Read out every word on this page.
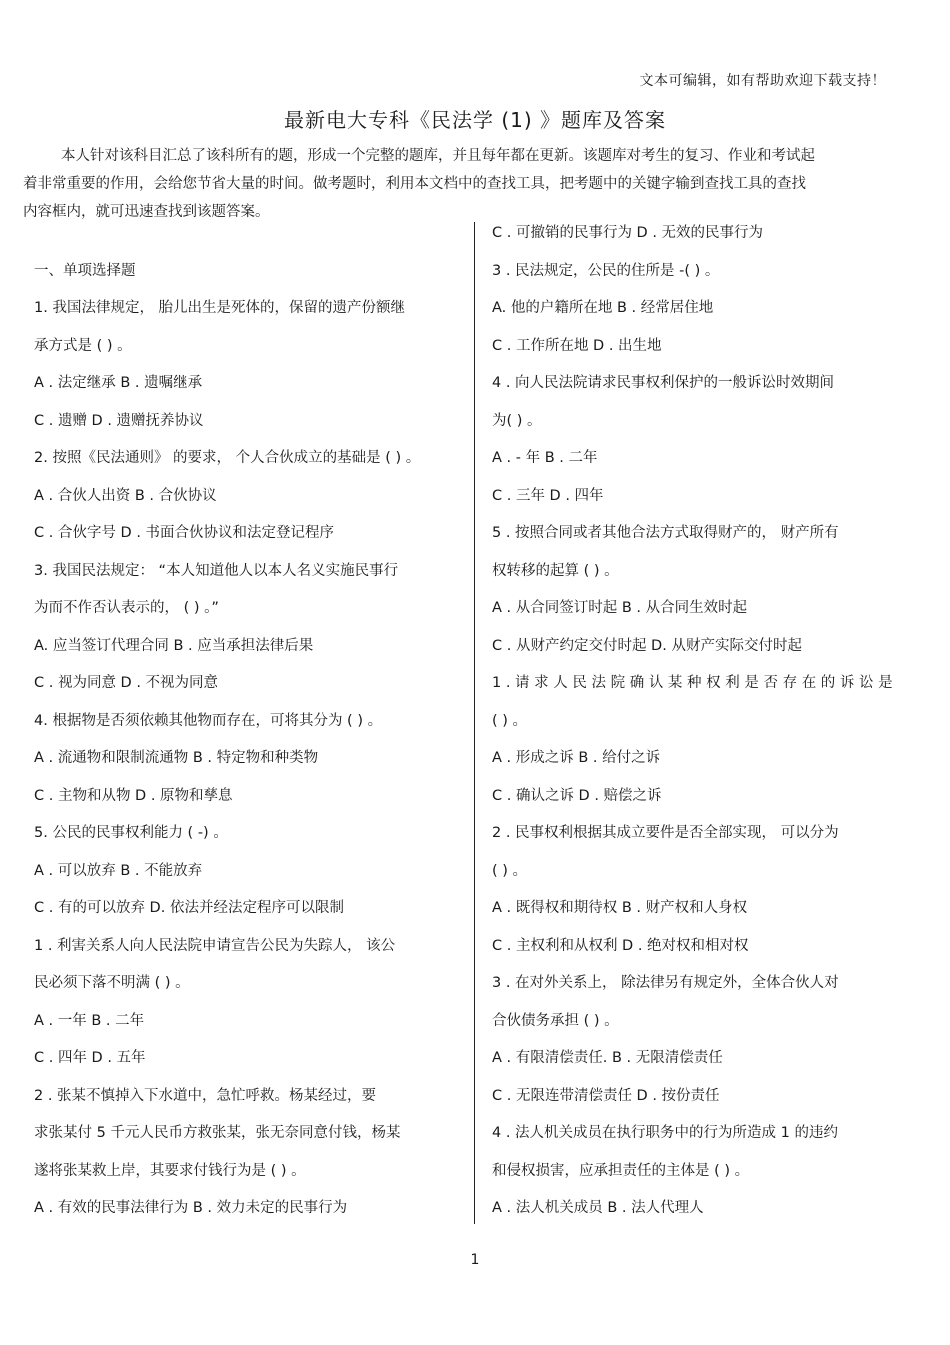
文本可编辑，如有帮助欢迎下载支持！
最新电大专科《民法学 (1) 》题库及答案

本人针对该科目汇总了该科所有的题，形成一个完整的题库，并且每年都在更新。该题库对考生的复习、作业和考试起

着非常重要的作用，会给您节省大量的时间。做考题时，利用本文档中的查找工具，把考题中的关键字输到查找工具的查找

内容框内，就可迅速查找到该题答案。

一、单项选择题
1. 我国法律规定， 胎儿出生是死体的，保留的遗产份额继
承方式是 ( ) 。
A . 法定继承 B . 遗嘱继承
C . 遗赠 D . 遗赠抚养协议
2. 按照《民法通则》 的要求， 个人合伙成立的基础是 ( ) 。
A . 合伙人出资 B . 合伙协议
C . 合伙字号 D . 书面合伙协议和法定登记程序
3. 我国民法规定： “本人知道他人以本人名义实施民事行
为而不作否认表示的， ( ) 。”
A. 应当签订代理合同 B . 应当承担法律后果
C . 视为同意 D . 不视为同意
4. 根据物是否须依赖其他物而存在，可将其分为 ( ) 。
A . 流通物和限制流通物 B . 特定物和种类物
C . 主物和从物 D . 原物和孳息
5. 公民的民事权利能力 ( -) 。
A . 可以放弃 B . 不能放弃
C . 有的可以放弃 D. 依法并经法定程序可以限制
1 . 利害关系人向人民法院申请宣告公民为失踪人， 该公
民必须下落不明满 ( ) 。
A . 一年 B . 二年
C . 四年 D . 五年
2 . 张某不慎掉入下水道中，急忙呼救。杨某经过，要
求张某付 5 千元人民币方救张某，张无奈同意付钱，杨某
遂将张某救上岸，其要求付钱行为是 ( ) 。
A . 有效的民事法律行为 B . 效力未定的民事行为
C . 可撤销的民事行为 D . 无效的民事行为
3 . 民法规定，公民的住所是 -( ) 。
A. 他的户籍所在地 B . 经常居住地
C . 工作所在地 D . 出生地
4 . 向人民法院请求民事权利保护的一般诉讼时效期间
为( ) 。
A . - 年 B . 二年
C . 三年 D . 四年
5 . 按照合同或者其他合法方式取得财产的， 财产所有
权转移的起算 ( ) 。
A . 从合同签订时起 B . 从合同生效时起
C . 从财产约定交付时起 D. 从财产实际交付时起
1 . 请 求 人 民 法 院 确 认 某 种 权 利 是 否 存 在 的 诉 讼 是
( ) 。
A . 形成之诉 B . 给付之诉
C . 确认之诉 D . 赔偿之诉
2 . 民事权利根据其成立要件是否全部实现， 可以分为
( ) 。
A . 既得权和期待权 B . 财产权和人身权
C . 主权利和从权利 D . 绝对权和相对权
3 . 在对外关系上， 除法律另有规定外，全体合伙人对
合伙债务承担 ( ) 。
A . 有限清偿责任. B . 无限清偿责任
C . 无限连带清偿责任 D . 按份责任
4 . 法人机关成员在执行职务中的行为所造成 1 的违约
和侵权损害，应承担责任的主体是 ( ) 。
A . 法人机关成员 B . 法人代理人
1
